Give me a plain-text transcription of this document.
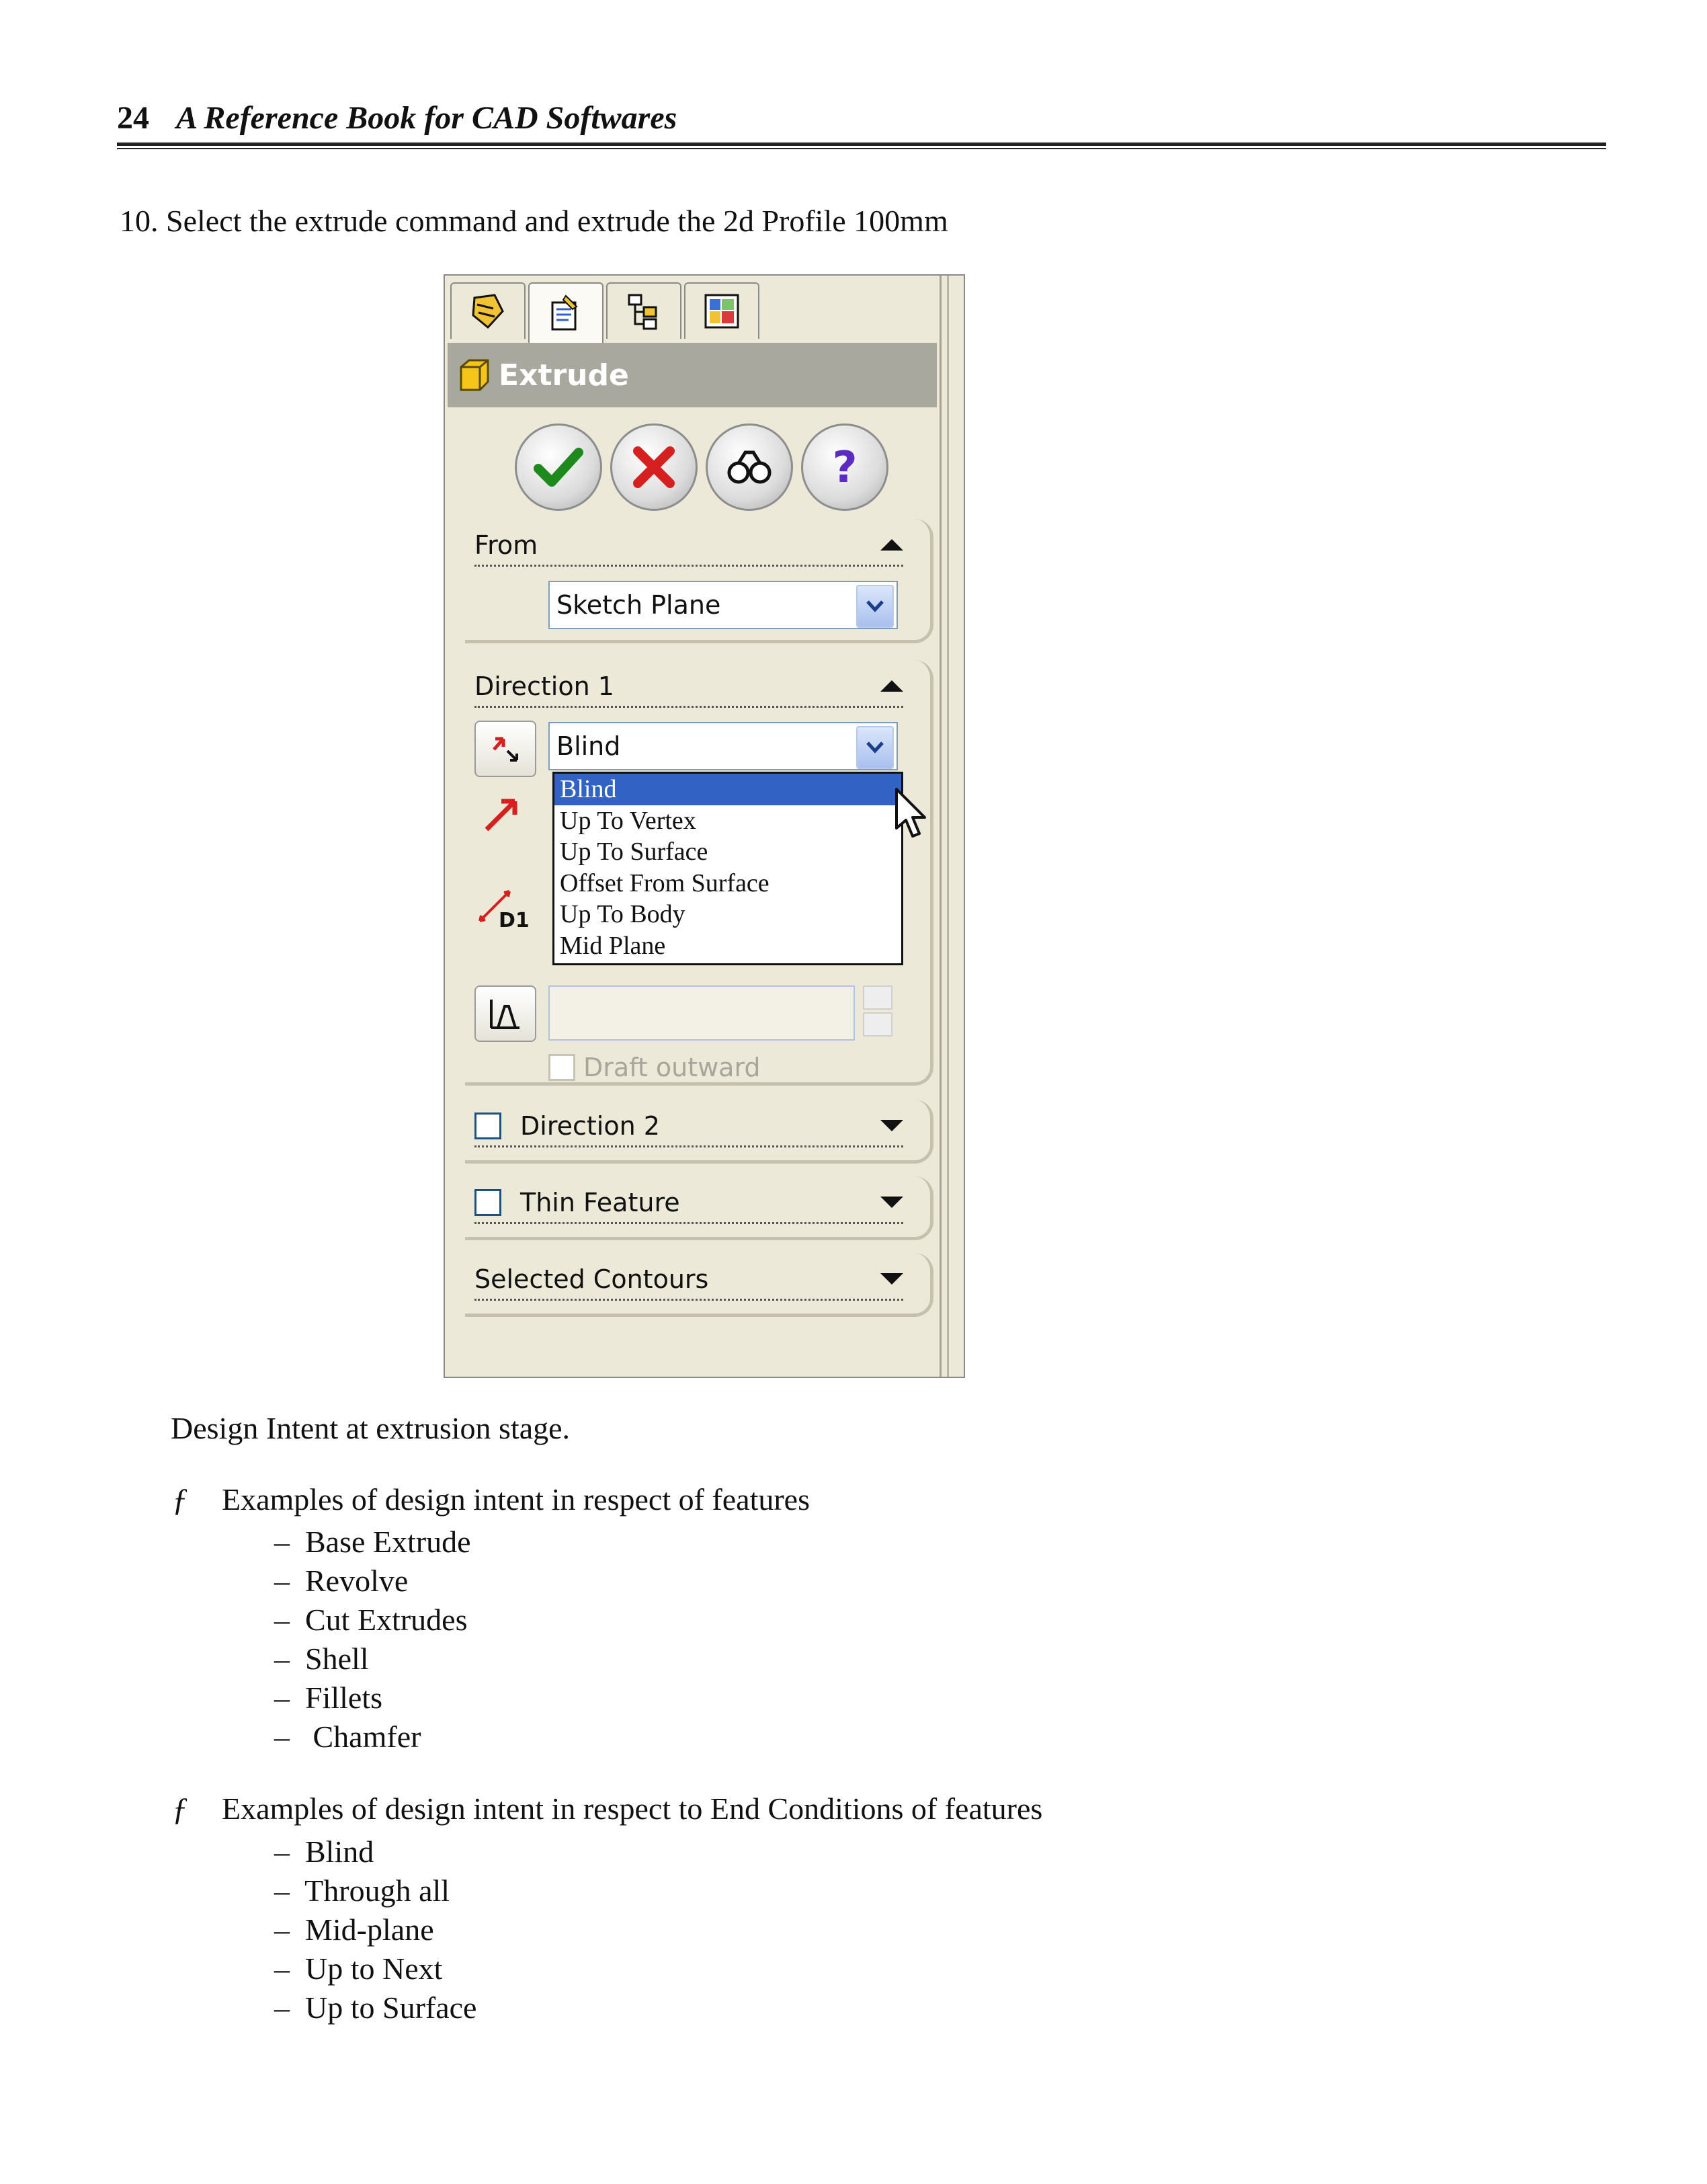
24 A Reference Book for CAD Softwares
10. Select the extrude command and extrude the 2d Profile 100mm
Extrude
?
From
Sketch Plane
Direction 1
Blind
D1
Draft outward
Direction 2
Thin Feature
Selected Contours
Blind
Up To Vertex
Up To Surface
Offset From Surface
Up To Body
Mid Plane
Design Intent at extrusion stage.
ƒ Examples of design intent in respect of features
–  Base Extrude
–  Revolve
–  Cut Extrudes
–  Shell
–  Fillets
–   Chamfer
ƒ Examples of design intent in respect to End Conditions of features
–  Blind
–  Through all
–  Mid-plane
–  Up to Next
–  Up to Surface
